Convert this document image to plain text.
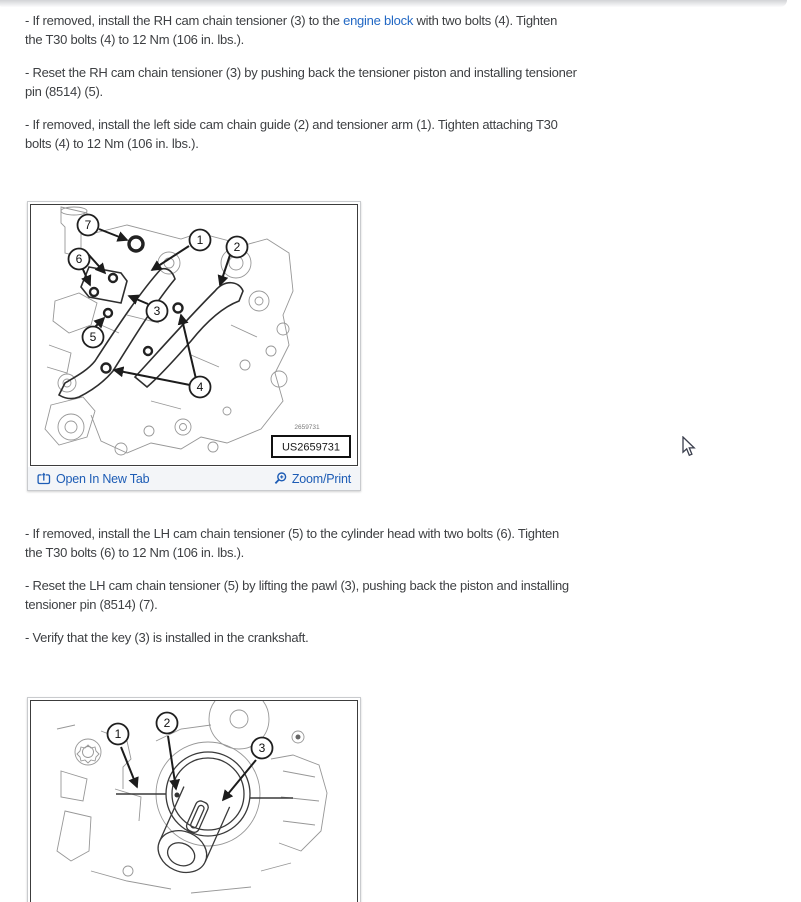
- If removed, install the RH cam chain tensioner (3) to the engine block with two bolts (4). Tighten
the T30 bolts (4) to 12 Nm (106 in. lbs.).
- Reset the RH cam chain tensioner (3) by pushing back the tensioner piston and installing tensioner
pin (8514) (5).
- If removed, install the left side cam chain guide (2) and tensioner arm (1). Tighten attaching T30
bolts (4) to 12 Nm (106 in. lbs.).
7
1	2
6
3
5
4
2659731
US2659731
Open In New Tab	Zoom/Print
- If removed, install the LH cam chain tensioner (5) to the cylinder head with two bolts (6). Tighten
the T30 bolts (6) to 12 Nm (106 in. lbs.).
- Reset the LH cam chain tensioner (5) by lifting the pawl (3), pushing back the piston and installing
tensioner pin (8514) (7).
- Verify that the key (3) is installed in the crankshaft.
1
2
3
